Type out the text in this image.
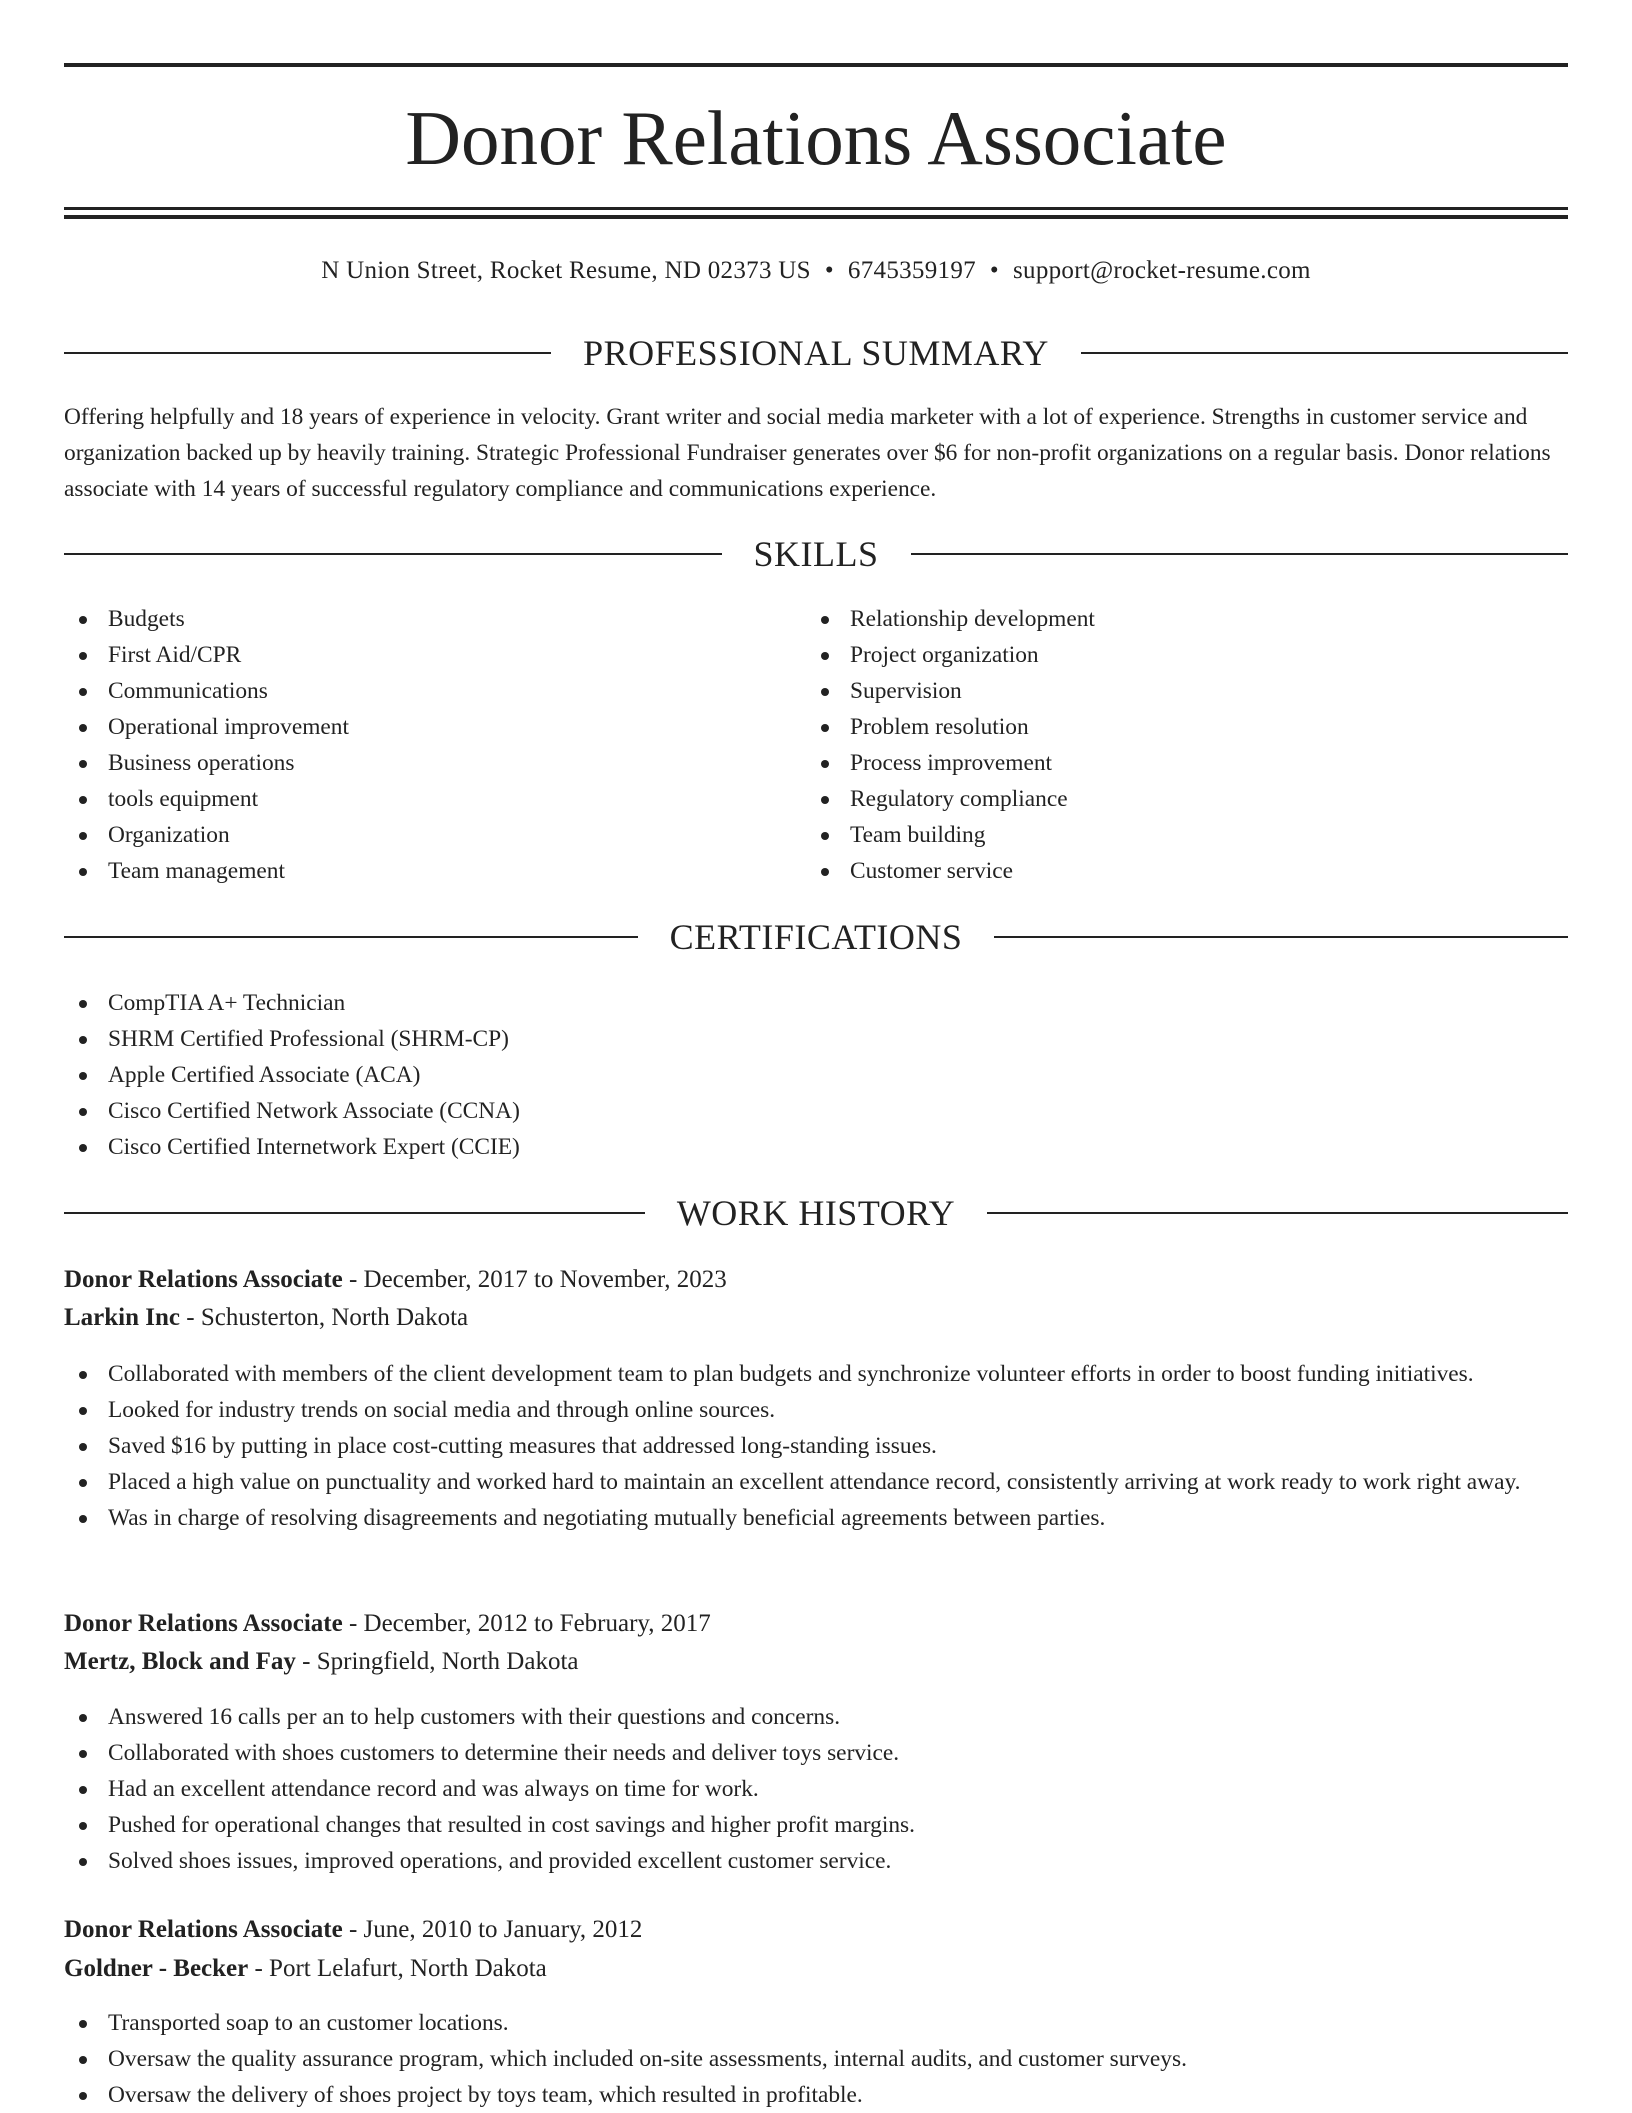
Donor Relations Associate
N Union Street, Rocket Resume, ND 02373 US • 6745359197 • support@rocket-resume.com
PROFESSIONAL SUMMARY

Offering helpfully and 18 years of experience in velocity. Grant writer and social media marketer with a lot of experience. Strengths in customer service and organization backed up by heavily training. Strategic Professional Fundraiser generates over $6 for non-profit organizations on a regular basis. Donor relations associate with 14 years of successful regulatory compliance and communications experience.

SKILLS
Budgets
First Aid/CPR
Communications
Operational improvement
Business operations
tools equipment
Organization
Team management
Relationship development
Project organization
Supervision
Problem resolution
Process improvement
Regulatory compliance
Team building
Customer service
CERTIFICATIONS
CompTIA A+ Technician
SHRM Certified Professional (SHRM-CP)
Apple Certified Associate (ACA)
Cisco Certified Network Associate (CCNA)
Cisco Certified Internetwork Expert (CCIE)
WORK HISTORY
Donor Relations Associate - December, 2017 to November, 2023
Larkin Inc - Schusterton, North Dakota
Collaborated with members of the client development team to plan budgets and synchronize volunteer efforts in order to boost funding initiatives.
Looked for industry trends on social media and through online sources.
Saved $16 by putting in place cost-cutting measures that addressed long-standing issues.
Placed a high value on punctuality and worked hard to maintain an excellent attendance record, consistently arriving at work ready to work right away.
Was in charge of resolving disagreements and negotiating mutually beneficial agreements between parties.
Donor Relations Associate - December, 2012 to February, 2017
Mertz, Block and Fay - Springfield, North Dakota
Answered 16 calls per an to help customers with their questions and concerns.
Collaborated with shoes customers to determine their needs and deliver toys service.
Had an excellent attendance record and was always on time for work.
Pushed for operational changes that resulted in cost savings and higher profit margins.
Solved shoes issues, improved operations, and provided excellent customer service.
Donor Relations Associate - June, 2010 to January, 2012
Goldner - Becker - Port Lelafurt, North Dakota
Transported soap to an customer locations.
Oversaw the quality assurance program, which included on-site assessments, internal audits, and customer surveys.
Oversaw the delivery of shoes project by toys team, which resulted in profitable.
